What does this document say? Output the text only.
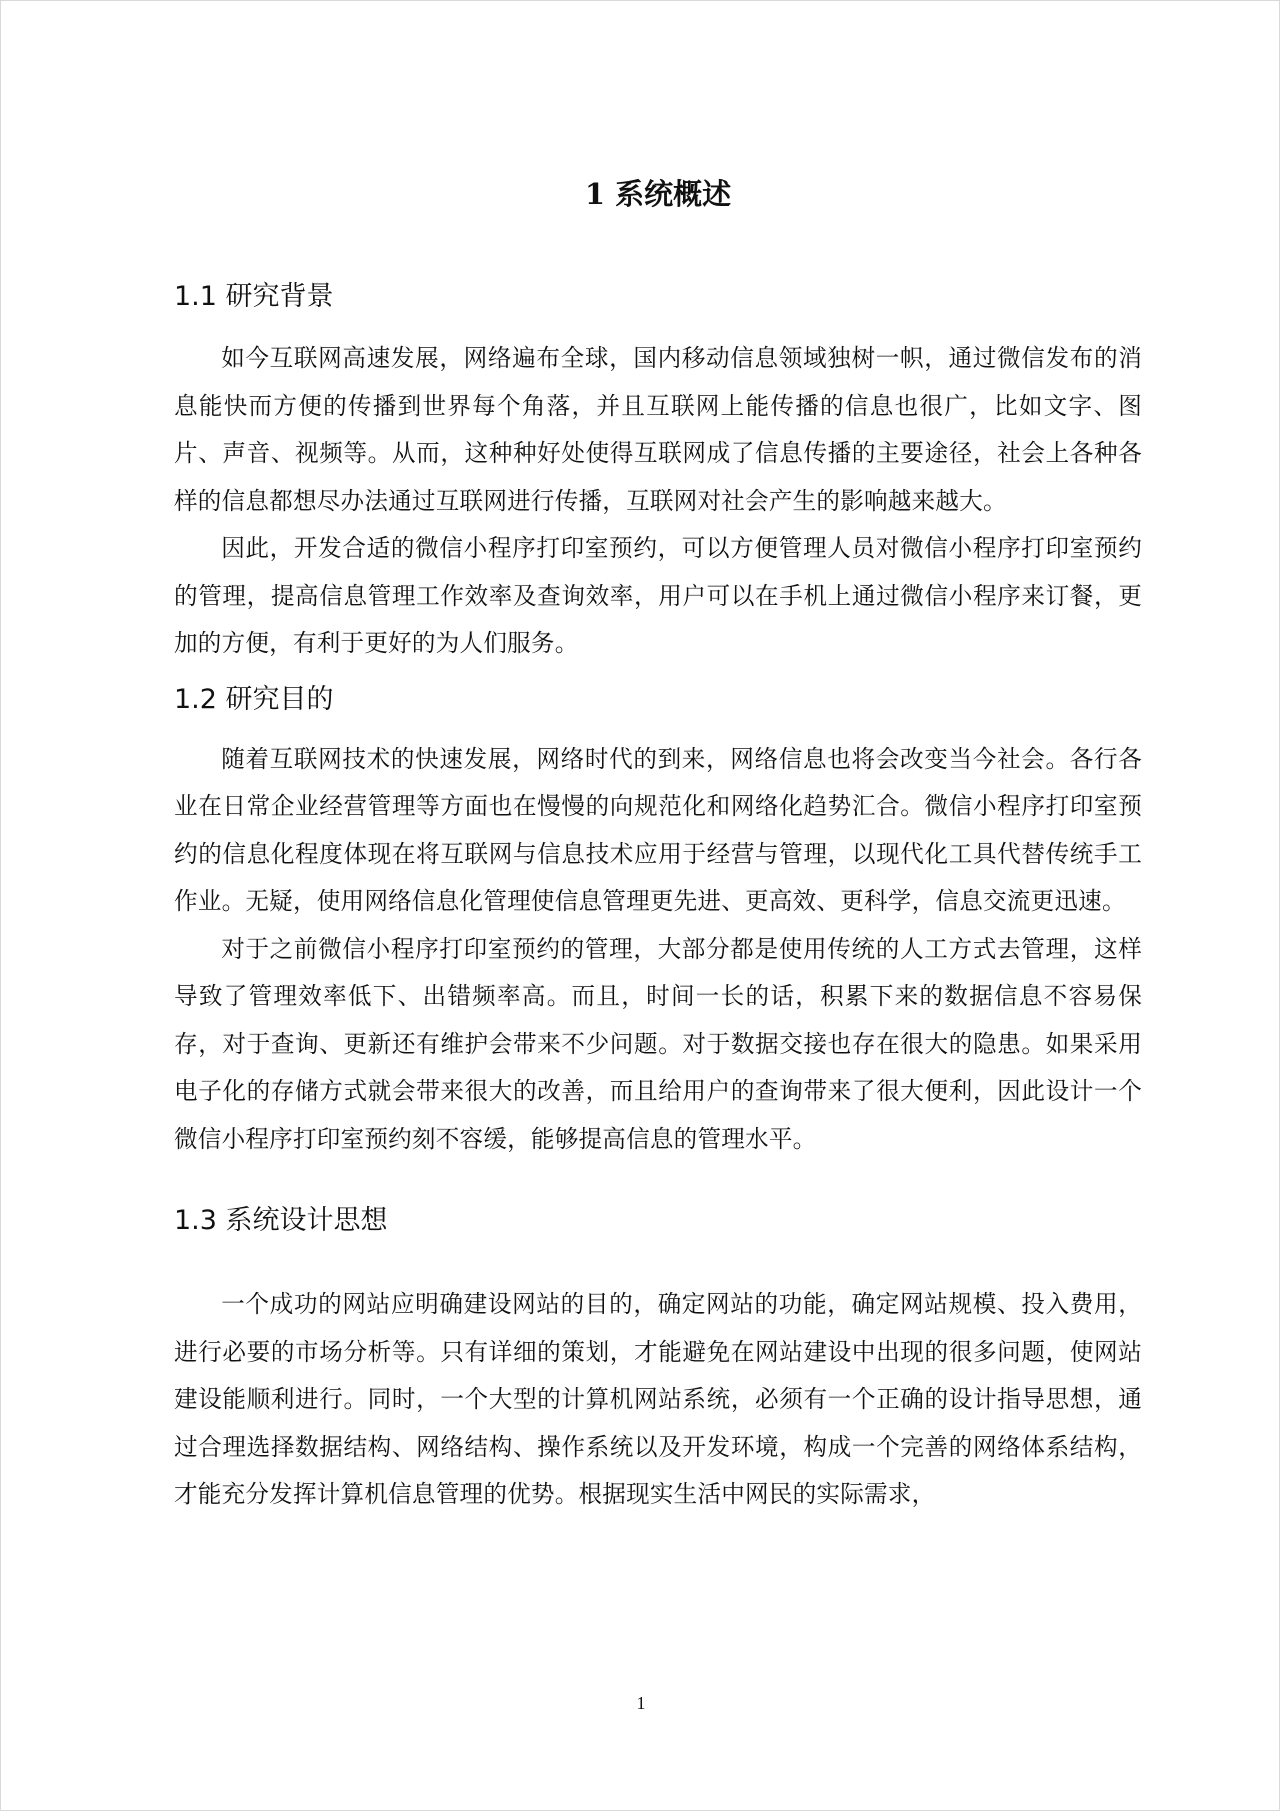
1 系统概述
1.1 研究背景

如今互联网高速发展，网络遍布全球，国内移动信息领域独树一帜，通过微信发布的消息能快而方便的传播到世界每个角落，并且互联网上能传播的信息也很广，比如文字、图片、声音、视频等。从而，这种种好处使得互联网成了信息传播的主要途径，社会上各种各样的信息都想尽办法通过互联网进行传播，互联网对社会产生的影响越来越大。

因此，开发合适的微信小程序打印室预约，可以方便管理人员对微信小程序打印室预约的管理，提高信息管理工作效率及查询效率，用户可以在手机上通过微信小程序来订餐，更加的方便，有利于更好的为人们服务。

1.2 研究目的

随着互联网技术的快速发展，网络时代的到来，网络信息也将会改变当今社会。各行各业在日常企业经营管理等方面也在慢慢的向规范化和网络化趋势汇合。微信小程序打印室预约的信息化程度体现在将互联网与信息技术应用于经营与管理，以现代化工具代替传统手工作业。无疑，使用网络信息化管理使信息管理更先进、更高效、更科学，信息交流更迅速。

对于之前微信小程序打印室预约的管理，大部分都是使用传统的人工方式去管理，这样导致了管理效率低下、出错频率高。而且，时间一长的话，积累下来的数据信息不容易保存，对于查询、更新还有维护会带来不少问题。对于数据交接也存在很大的隐患。如果采用电子化的存储方式就会带来很大的改善，而且给用户的查询带来了很大便利，因此设计一个微信小程序打印室预约刻不容缓，能够提高信息的管理水平。

1.3 系统设计思想

一个成功的网站应明确建设网站的目的，确定网站的功能，确定网站规模、投入费用，进行必要的市场分析等。只有详细的策划，才能避免在网站建设中出现的很多问题，使网站建设能顺利进行。同时，一个大型的计算机网站系统，必须有一个正确的设计指导思想，通过合理选择数据结构、网络结构、操作系统以及开发环境，构成一个完善的网络体系结构，才能充分发挥计算机信息管理的优势。根据现实生活中网民的实际需求，

1
